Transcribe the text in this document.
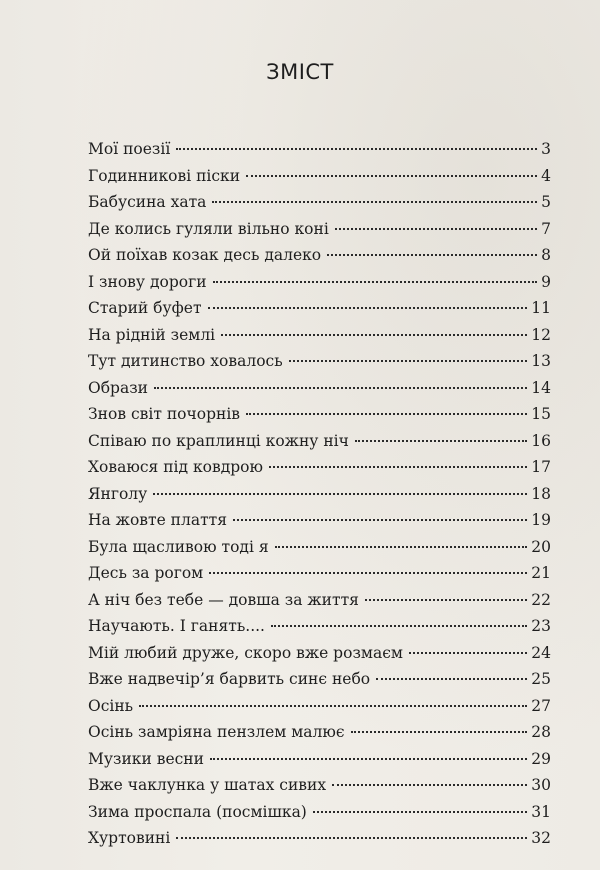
ЗМІСТ
Мої поезії	3
Годинникові піски	4
Бабусина хата	5
Де колись гуляли вільно коні	7
Ой поїхав козак десь далеко	8
І знову дороги	9
Старий буфет	11
На рідній землі	12
Тут дитинство ховалось	13
Образи	14
Знов світ почорнів	15
Співаю по краплинці кожну ніч	16
Ховаюся під ковдрою	17
Янголу	18
На жовте плаття	19
Була щасливою тоді я	20
Десь за рогом	21
А ніч без тебе — довша за життя	22
Научають. І ганять....	23
Мій любий друже, скоро вже розмаєм	24
Вже надвечір’я барвить синє небо	25
Осінь	27
Осінь замріяна пензлем малює	28
Музики весни	29
Вже чаклунка у шатах сивих	30
Зима проспала (посмішка)	31
Хуртовині	32
